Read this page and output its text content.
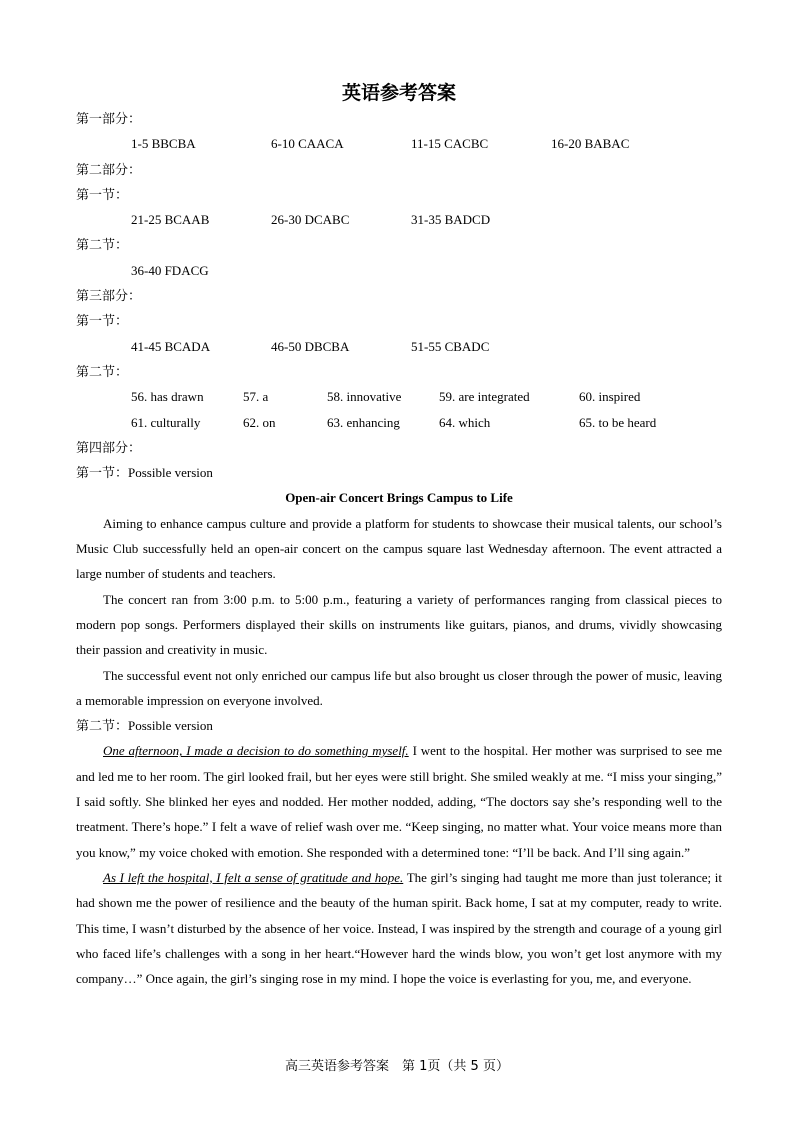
英语参考答案
第一部分：
1-5 BBCBA	6-10 CAACA	11-15 CACBC	16-20 BABAC
第二部分：
第一节：
21-25 BCAAB	26-30 DCABC	31-35 BADCD
第二节：
36-40 FDACG
第三部分：
第一节：
41-45 BCADA	46-50 DBCBA	51-55 CBADC
第二节：
56. has drawn	57. a	58. innovative	59. are integrated	60. inspired
61. culturally	62. on	63. enhancing	64. which	65. to be heard
第四部分：
第一节：Possible version
Open-air Concert Brings Campus to Life

Aiming to enhance campus culture and provide a platform for students to showcase their musical talents, our school’s Music Club successfully held an open-air concert on the campus square last Wednesday afternoon. The event attracted a large number of students and teachers.

The concert ran from 3:00 p.m. to 5:00 p.m., featuring a variety of performances ranging from classical pieces to modern pop songs. Performers displayed their skills on instruments like guitars, pianos, and drums, vividly showcasing their passion and creativity in music.

The successful event not only enriched our campus life but also brought us closer through the power of music, leaving a memorable impression on everyone involved.

第二节：Possible version

One afternoon, I made a decision to do something myself. I went to the hospital. Her mother was surprised to see me and led me to her room. The girl looked frail, but her eyes were still bright. She smiled weakly at me. “I miss your singing,” I said softly. She blinked her eyes and nodded. Her mother nodded, adding, “The doctors say she’s responding well to the treatment. There’s hope.” I felt a wave of relief wash over me. “Keep singing, no matter what. Your voice means more than you know,” my voice choked with emotion. She responded with a determined tone: “I’ll be back. And I’ll sing again.”

As I left the hospital, I felt a sense of gratitude and hope. The girl’s singing had taught me more than just tolerance; it had shown me the power of resilience and the beauty of the human spirit. Back home, I sat at my computer, ready to write. This time, I wasn’t disturbed by the absence of her voice. Instead, I was inspired by the strength and courage of a young girl who faced life’s challenges with a song in her heart.“However hard the winds blow, you won’t get lost anymore with my company…” Once again, the girl’s singing rose in my mind. I hope the voice is everlasting for you, me, and everyone.

高三英语参考答案　第 1页（共 5 页）
